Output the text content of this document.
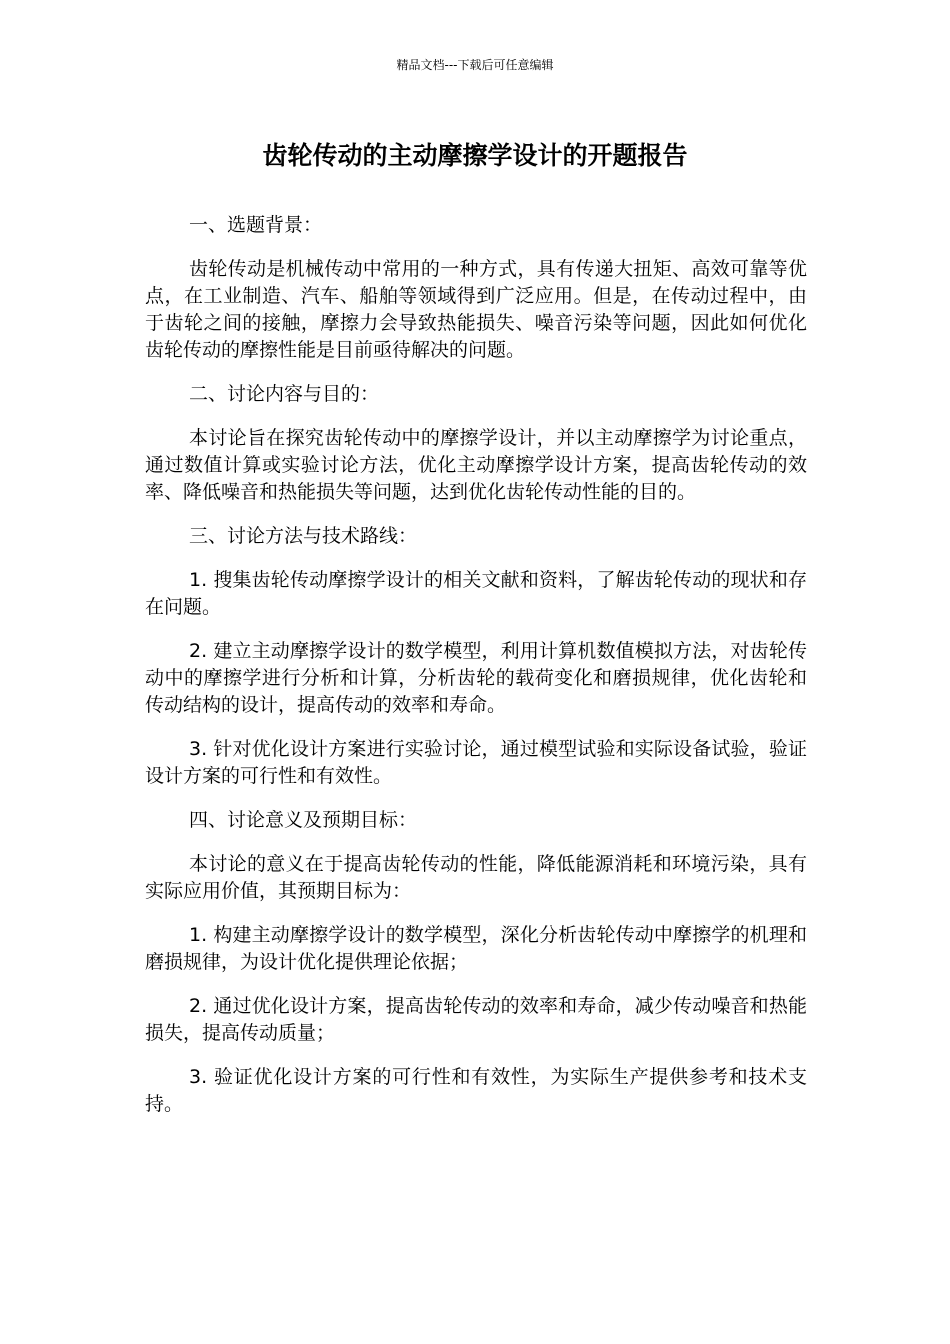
精品文档---下载后可任意编辑
齿轮传动的主动摩擦学设计的开题报告

一、选题背景：

齿轮传动是机械传动中常用的一种方式，具有传递大扭矩、高效可靠等优点，在工业制造、汽车、船舶等领域得到广泛应用。但是，在传动过程中，由于齿轮之间的接触，摩擦力会导致热能损失、噪音污染等问题，因此如何优化齿轮传动的摩擦性能是目前亟待解决的问题。

二、讨论内容与目的：

本讨论旨在探究齿轮传动中的摩擦学设计，并以主动摩擦学为讨论重点，通过数值计算或实验讨论方法，优化主动摩擦学设计方案，提高齿轮传动的效率、降低噪音和热能损失等问题，达到优化齿轮传动性能的目的。

三、讨论方法与技术路线：

1. 搜集齿轮传动摩擦学设计的相关文献和资料，了解齿轮传动的现状和存在问题。

2. 建立主动摩擦学设计的数学模型，利用计算机数值模拟方法，对齿轮传动中的摩擦学进行分析和计算，分析齿轮的载荷变化和磨损规律，优化齿轮和传动结构的设计，提高传动的效率和寿命。

3. 针对优化设计方案进行实验讨论，通过模型试验和实际设备试验，验证设计方案的可行性和有效性。

四、讨论意义及预期目标：

本讨论的意义在于提高齿轮传动的性能，降低能源消耗和环境污染，具有实际应用价值，其预期目标为：

1. 构建主动摩擦学设计的数学模型，深化分析齿轮传动中摩擦学的机理和磨损规律，为设计优化提供理论依据；

2. 通过优化设计方案，提高齿轮传动的效率和寿命，减少传动噪音和热能损失，提高传动质量；

3. 验证优化设计方案的可行性和有效性，为实际生产提供参考和技术支持。
